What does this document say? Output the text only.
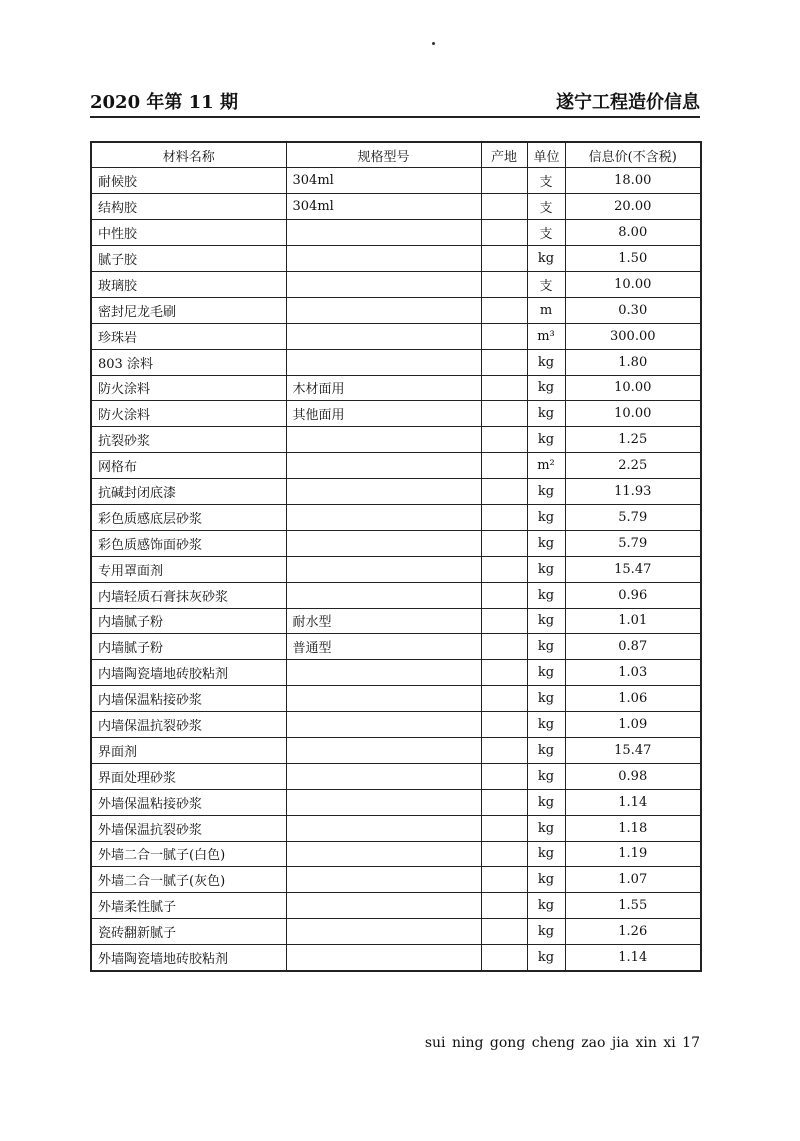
2020 年第 11 期	遂宁工程造价信息
材料名称	规格型号	产地	单位	信息价(不含税)
耐候胶	304ml		支	18.00
结构胶	304ml		支	20.00
中性胶			支	8.00
腻子胶			kg	1.50
玻璃胶			支	10.00
密封尼龙毛刷			m	0.30
珍珠岩			m³	300.00
803 涂料			kg	1.80
防火涂料	木材面用		kg	10.00
防火涂料	其他面用		kg	10.00
抗裂砂浆			kg	1.25
网格布			m²	2.25
抗碱封闭底漆			kg	11.93
彩色质感底层砂浆			kg	5.79
彩色质感饰面砂浆			kg	5.79
专用罩面剂			kg	15.47
内墙轻质石膏抹灰砂浆			kg	0.96
内墙腻子粉	耐水型		kg	1.01
内墙腻子粉	普通型		kg	0.87
内墙陶瓷墙地砖胶粘剂			kg	1.03
内墙保温粘接砂浆			kg	1.06
内墙保温抗裂砂浆			kg	1.09
界面剂			kg	15.47
界面处理砂浆			kg	0.98
外墙保温粘接砂浆			kg	1.14
外墙保温抗裂砂浆			kg	1.18
外墙二合一腻子(白色)			kg	1.19
外墙二合一腻子(灰色)			kg	1.07
外墙柔性腻子			kg	1.55
瓷砖翻新腻子			kg	1.26
外墙陶瓷墙地砖胶粘剂			kg	1.14
sui ning gong cheng zao jia xin xi 17
